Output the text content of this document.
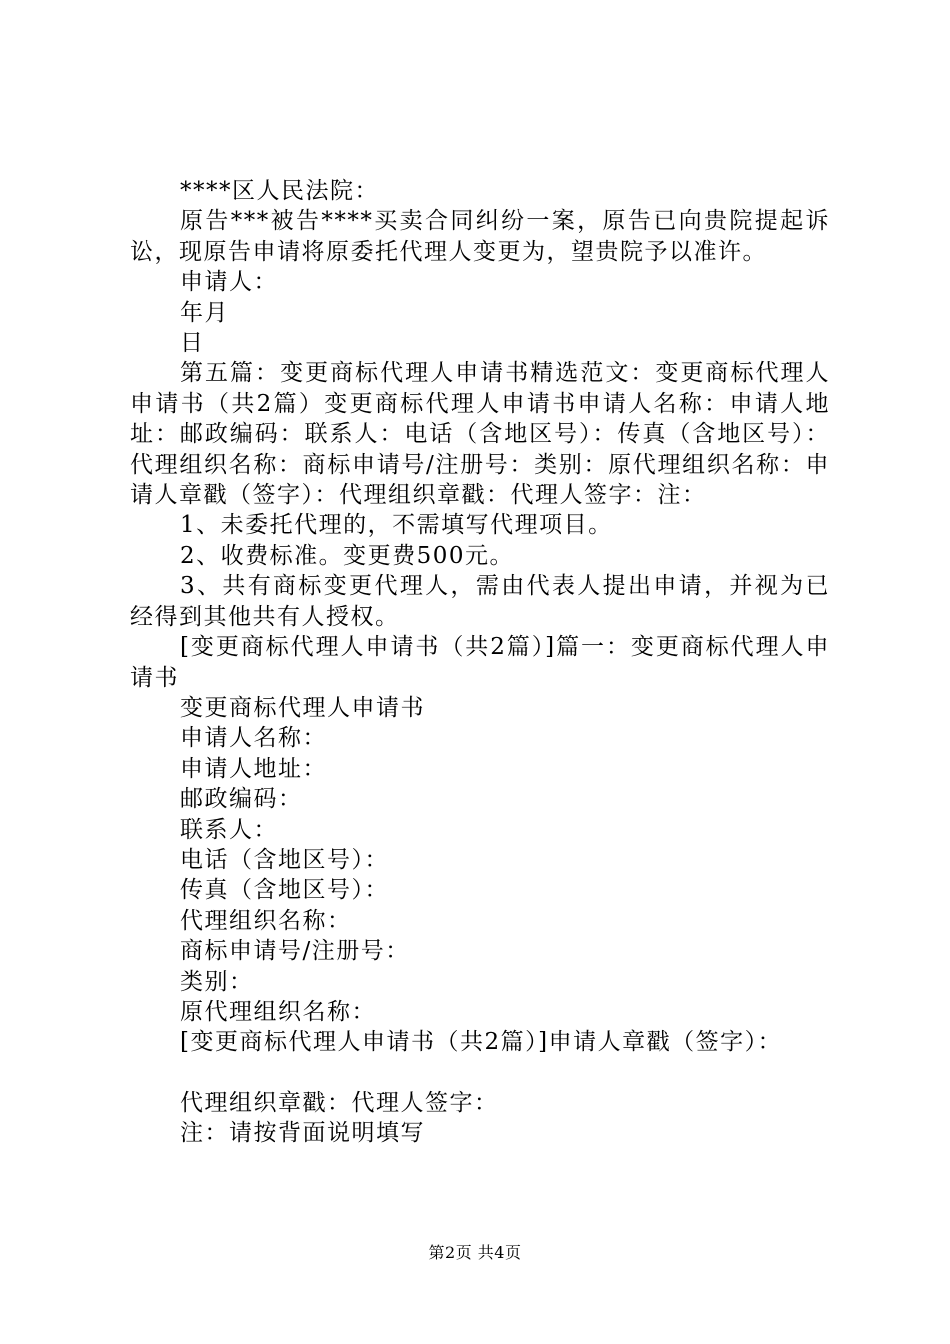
****区人民法院：

原告***被告****买卖合同纠纷一案，原告已向贵院提起诉讼，现原告申请将原委托代理人变更为，望贵院予以准许。

申请人：

年月

日

第五篇：变更商标代理人申请书精选范文：变更商标代理人申请书（共2篇）变更商标代理人申请书申请人名称：申请人地址：邮政编码：联系人：电话（含地区号）：传真（含地区号）：代理组织名称：商标申请号/注册号：类别：原代理组织名称：申请人章戳（签字）：代理组织章戳：代理人签字：注：

1、未委托代理的，不需填写代理项目。

2、收费标准。变更费500元。

3、共有商标变更代理人，需由代表人提出申请，并视为已经得到其他共有人授权。

[变更商标代理人申请书（共2篇）]篇一：变更商标代理人申请书

变更商标代理人申请书

申请人名称：

申请人地址：

邮政编码：

联系人：

电话（含地区号）：

传真（含地区号）：

代理组织名称：

商标申请号/注册号：

类别：

原代理组织名称：

[变更商标代理人申请书（共2篇）]申请人章戳（签字）：

代理组织章戳：代理人签字：

注：请按背面说明填写

第2页 共4页
